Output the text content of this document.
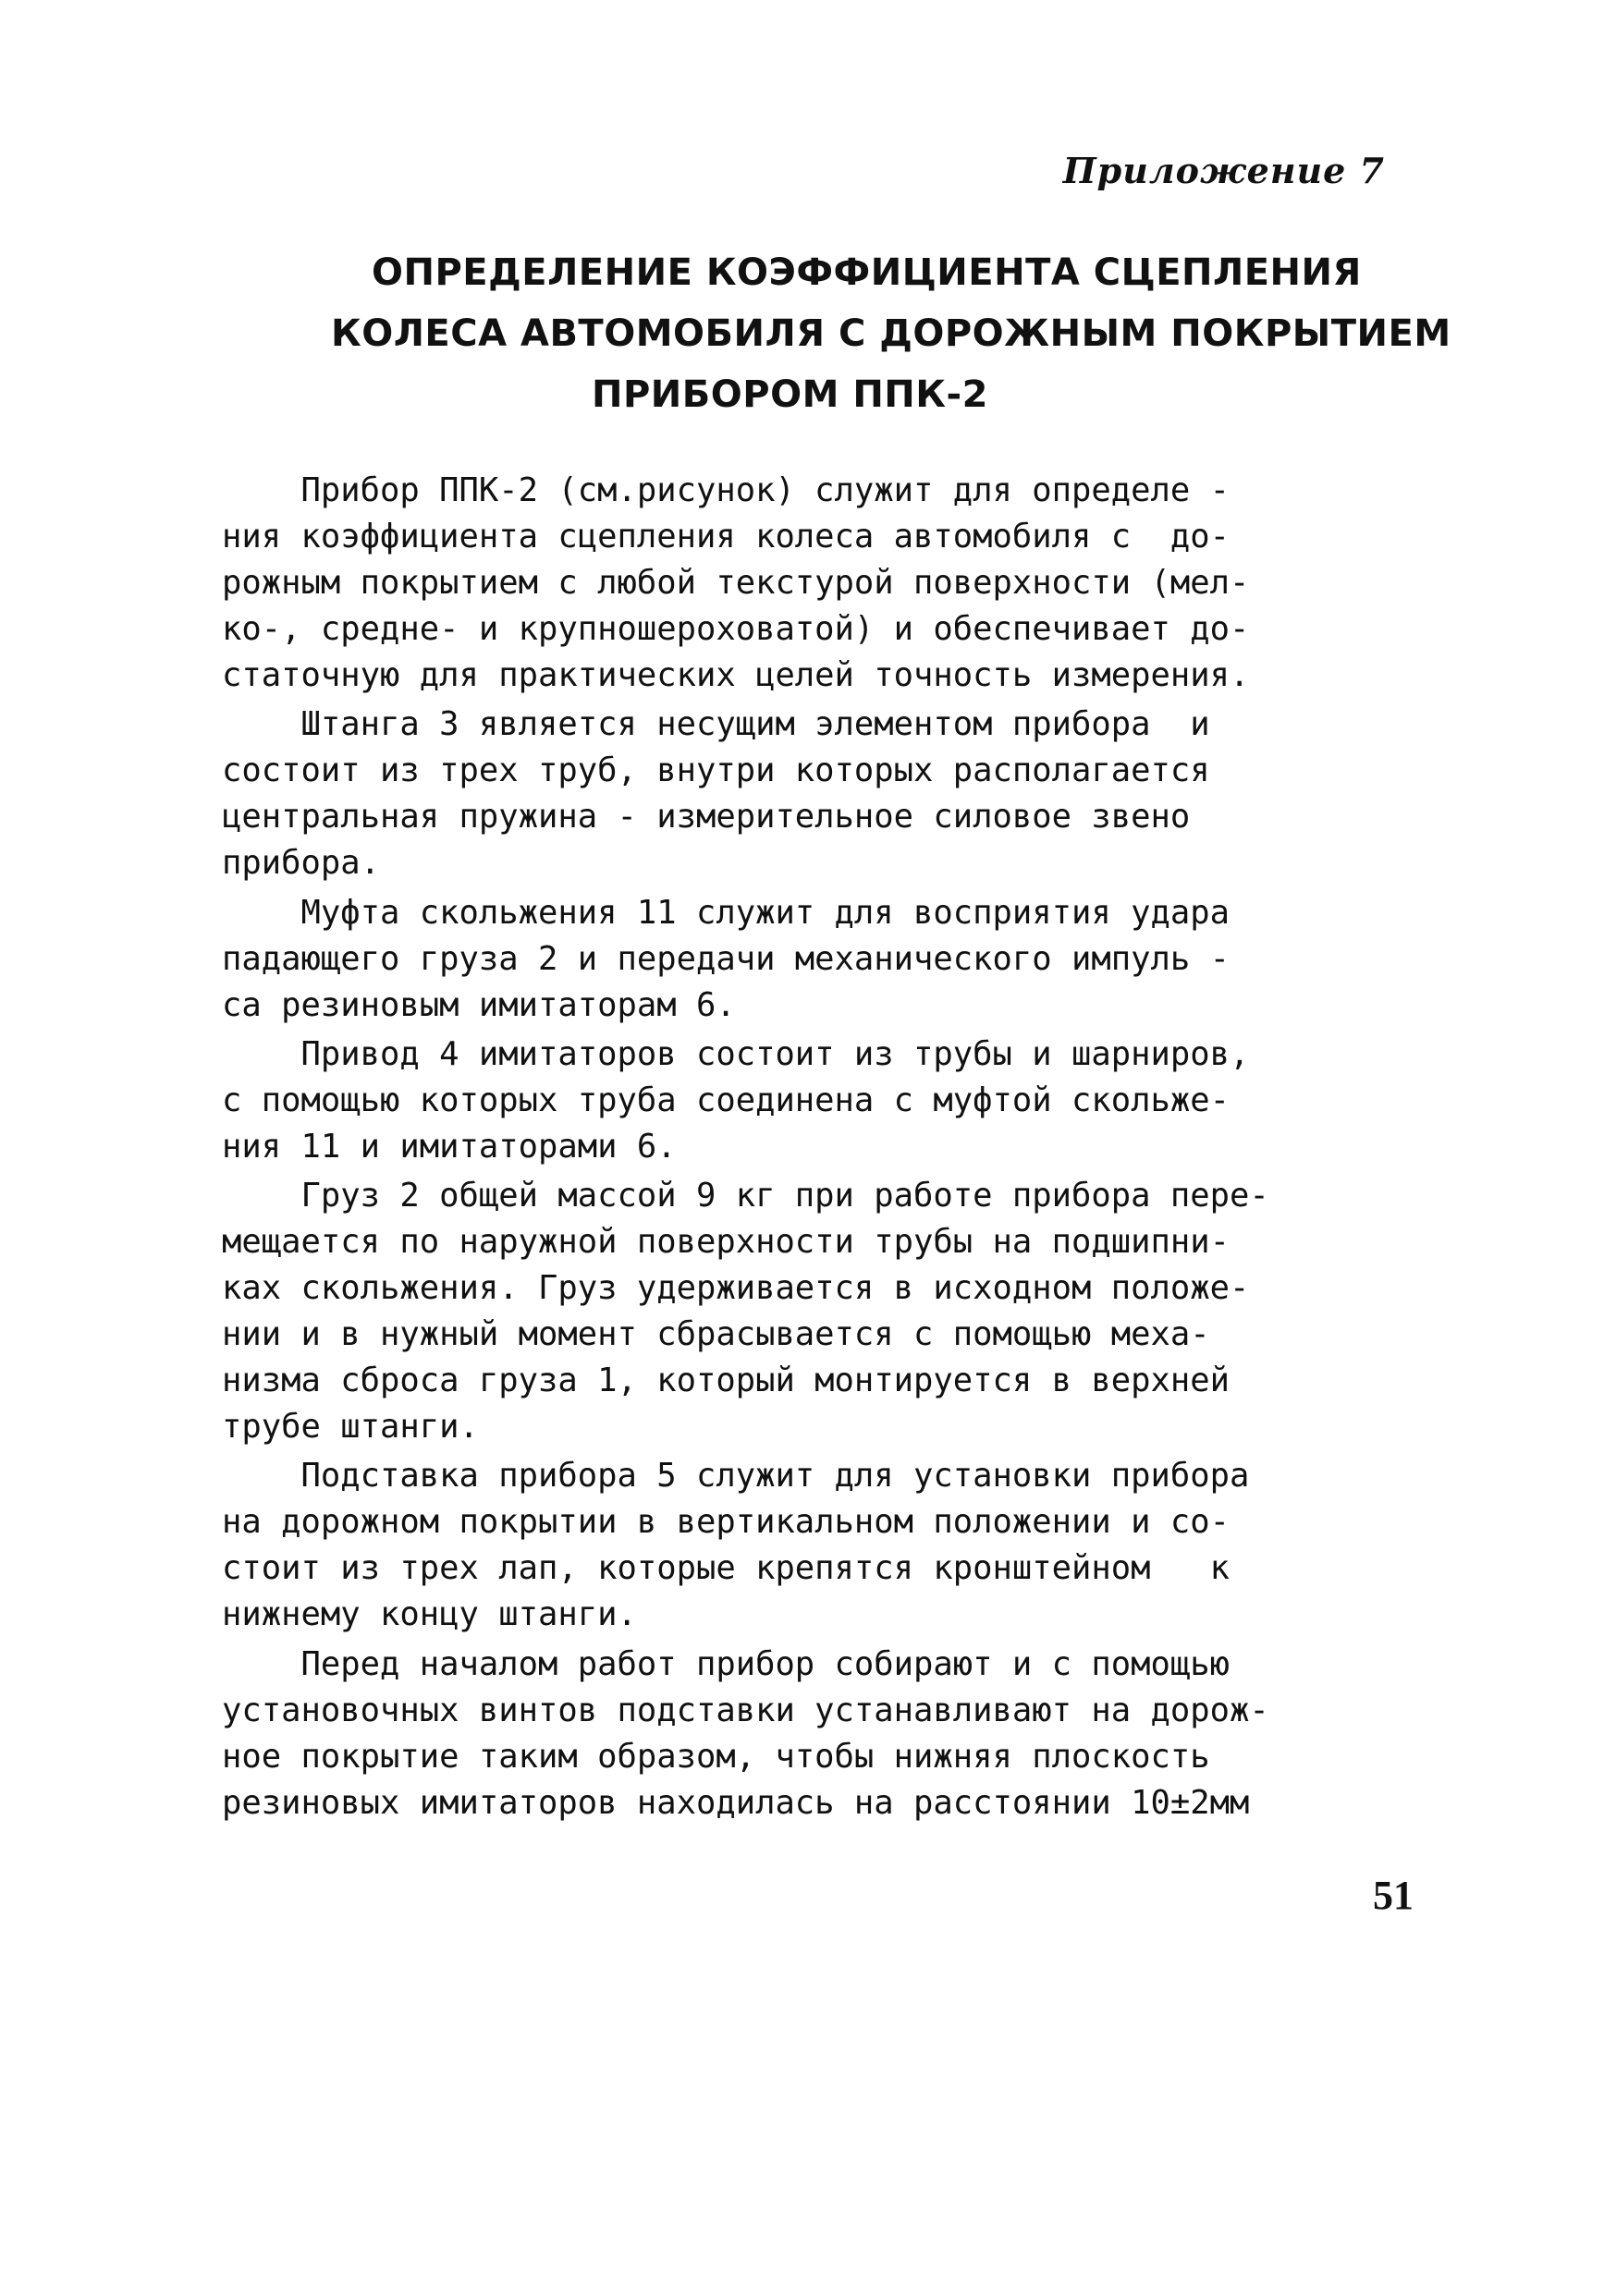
Приложение 7
ОПРЕДЕЛЕНИЕ КОЭФФИЦИЕНТА СЦЕПЛЕНИЯ
КОЛЕСА АВТОМОБИЛЯ С ДОРОЖНЫМ ПОКРЫТИЕМ
ПРИБОРОМ ППК-2
Прибор ППК-2 (см.рисунок) служит для определе -
ния коэффициента сцепления колеса автомобиля с  до-
рожным покрытием с любой текстурой поверхности (мел-
ко-, средне- и крупношероховатой) и обеспечивает до-
статочную для практических целей точность измерения.
Штанга 3 является несущим элементом прибора  и
состоит из трех труб, внутри которых располагается
центральная пружина - измерительное силовое звено
прибора.
Муфта скольжения 11 служит для восприятия удара
падающего груза 2 и передачи механического импуль -
са резиновым имитаторам 6.
Привод 4 имитаторов состоит из трубы и шарниров,
с помощью которых труба соединена с муфтой скольже-
ния 11 и имитаторами 6.
Груз 2 общей массой 9 кг при работе прибора пере-
мещается по наружной поверхности трубы на подшипни-
ках скольжения. Груз удерживается в исходном положе-
нии и в нужный момент сбрасывается с помощью меха-
низма сброса груза 1, который монтируется в верхней
трубе штанги.
Подставка прибора 5 служит для установки прибора
на дорожном покрытии в вертикальном положении и со-
стоит из трех лап, которые крепятся кронштейном   к
нижнему концу штанги.
Перед началом работ прибор собирают и с помощью
установочных винтов подставки устанавливают на дорож-
ное покрытие таким образом, чтобы нижняя плоскость
резиновых имитаторов находилась на расстоянии 10±2мм
51
